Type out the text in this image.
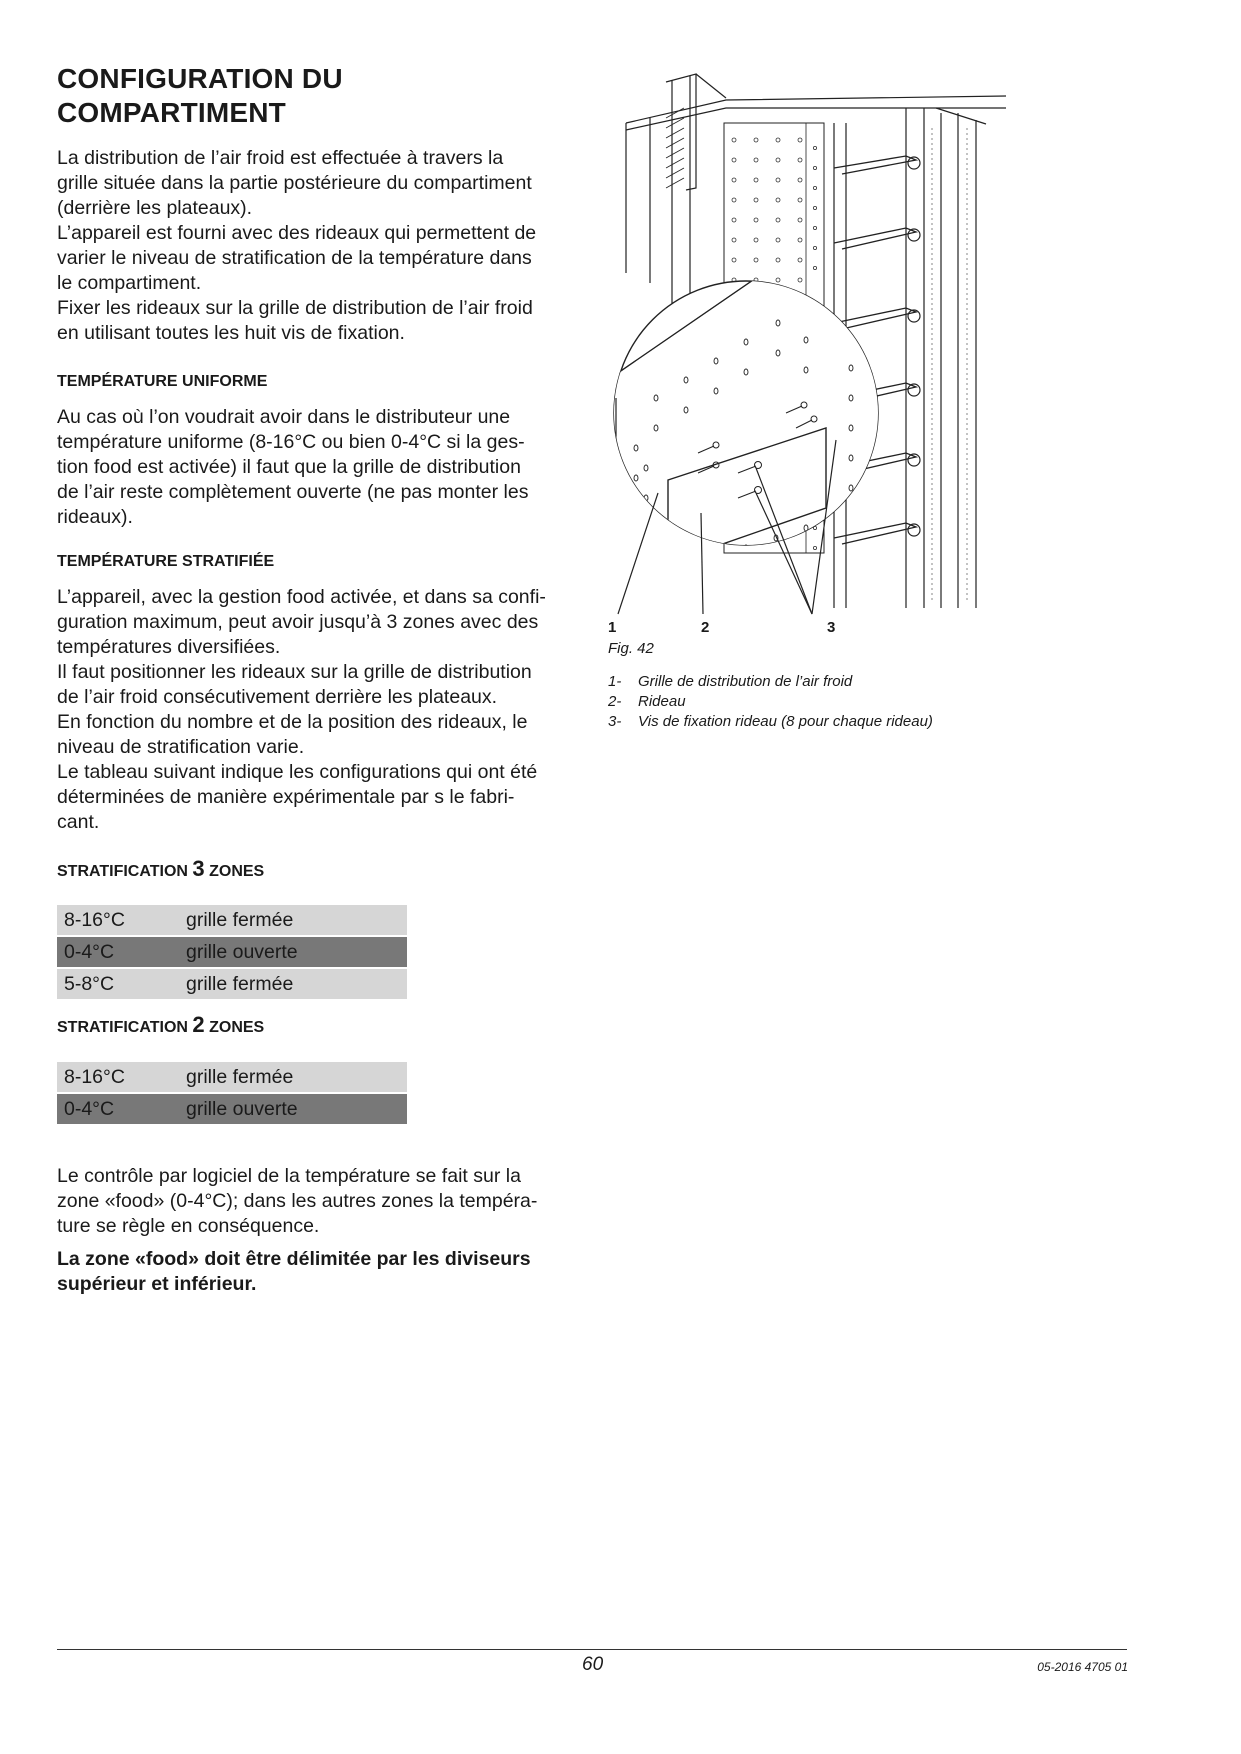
CONFIGURATION DU
COMPARTIMENT

La distribution de l’air froid est effectuée à travers la
grille située dans la partie postérieure du compartiment
(derrière les plateaux).
L’appareil est fourni avec des rideaux qui permettent de
varier le niveau de stratification de la température dans
le compartiment.
Fixer les rideaux sur la grille de distribution de l’air froid
en utilisant toutes les huit vis de fixation.

TEMPÉRATURE UNIFORME

Au cas où l’on voudrait avoir dans le distributeur une
température uniforme (8-16°C ou bien 0-4°C si la ges-
tion food est activée) il faut que la grille de distribution
de l’air reste complètement ouverte (ne pas monter les
rideaux).

TEMPÉRATURE STRATIFIÉE

L’appareil, avec la gestion food activée, et dans sa confi-
guration maximum, peut avoir jusqu’à 3 zones avec des
températures diversifiées.
Il faut positionner les rideaux sur la grille de distribution
de l’air froid consécutivement derrière les plateaux.
En fonction du nombre et de la position des rideaux, le
niveau de stratification varie.
Le tableau suivant indique les configurations qui ont été
déterminées de manière expérimentale par s le fabri-
cant.

STRATIFICATION 3 ZONES
8-16°C	grille fermée
0-4°C	grille ouverte
5-8°C	grille fermée
STRATIFICATION 2 ZONES
8-16°C	grille fermée
0-4°C	grille ouverte

Le contrôle par logiciel de la température se fait sur la
zone «food» (0-4°C); dans les autres zones la tempéra-
ture se règle en conséquence.

La zone «food» doit être délimitée par les diviseurs
supérieur et inférieur.

1	2	3
Fig. 42
1-	Grille de distribution de l’air froid
2-	Rideau
3-	Vis de fixation rideau (8 pour chaque rideau)
60	05-2016 4705 01
